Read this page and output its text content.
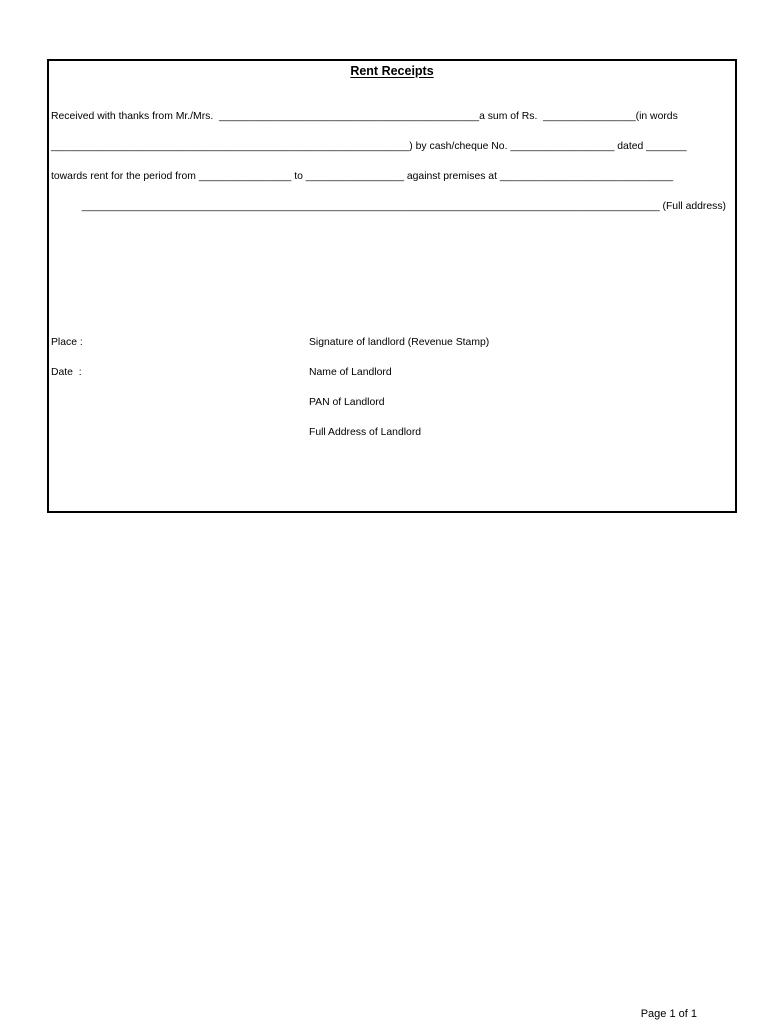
Rent Receipts
Received with thanks from Mr./Mrs.  _____________________________________________a sum of Rs.  ________________(in words
______________________________________________________________) by cash/cheque No. __________________ dated _______
towards rent for the period from ________________ to _________________ against premises at ______________________________
____________________________________________________________________________________________________ (Full address)
Place :
Date  :
Signature of landlord (Revenue Stamp)
Name of Landlord
PAN of Landlord
Full Address of Landlord
Page 1 of 1
